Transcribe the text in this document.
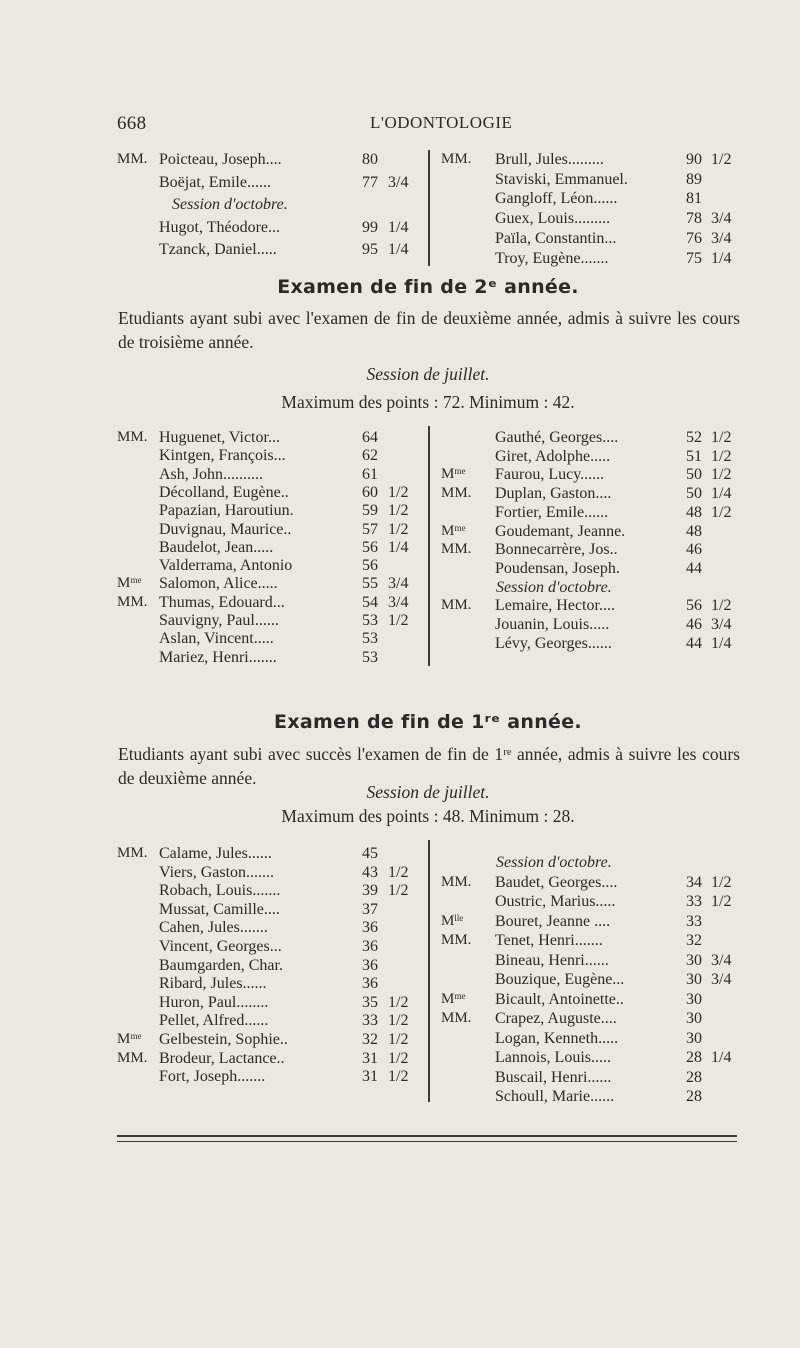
668	L'ODONTOLOGIE
MM. Poicteau, Joseph....	80
Boëjat, Emile......	77 3/4
Session d'octobre.
Hugot, Théodore...	99 1/4
Tzanck, Daniel.....	95 1/4
MM. Brull, Jules.........	90 1/2
Staviski, Emmanuel.	89
Gangloff, Léon......	81
Guex, Louis.........	78 3/4
Païla, Constantin...	76 3/4
Troy, Eugène.......	75 1/4
Examen de fin de 2ᵉ année.
Etudiants ayant subi avec l'examen de fin de deuxième année, admis à suivre les cours de troisième année.
Session de juillet.
Maximum des points : 72. Minimum : 42.
MM. Huguenet, Victor...	64
Kintgen, François...	62
Ash, John..........	61
Décolland, Eugène..	60 1/2
Papazian, Haroutiun.	59 1/2
Duvignau, Maurice..	57 1/2
Baudelot, Jean.....	56 1/4
Valderrama, Antonio	56
Mᵐᵉ Salomon, Alice.....	55 3/4
MM. Thumas, Edouard...	54 3/4
Sauvigny, Paul......	53 1/2
Aslan, Vincent.....	53
Mariez, Henri.......	53
Gauthé, Georges....	52 1/2
Giret, Adolphe.....	51 1/2
Mᵐᵉ Faurou, Lucy......	50 1/2
MM. Duplan, Gaston....	50 1/4
Fortier, Emile......	48 1/2
Mᵐᵉ Goudemant, Jeanne.	48
MM. Bonnecarrère, Jos..	46
Poudensan, Joseph.	44
Session d'octobre.
MM. Lemaire, Hector....	56 1/2
Jouanin, Louis.....	46 3/4
Lévy, Georges......	44 1/4
Examen de fin de 1ʳᵉ année.
Etudiants ayant subi avec succès l'examen de fin de 1ʳᵉ année, admis à suivre les cours de deuxième année.
Session de juillet.
Maximum des points : 48. Minimum : 28.
MM. Calame, Jules......	45
Viers, Gaston.......	43 1/2
Robach, Louis.......	39 1/2
Mussat, Camille....	37
Cahen, Jules.......	36
Vincent, Georges...	36
Baumgarden, Char.	36
Ribard, Jules......	36
Huron, Paul........	35 1/2
Pellet, Alfred......	33 1/2
Mᵐᵉ Gelbestein, Sophie..	32 1/2
MM. Brodeur, Lactance..	31 1/2
Fort, Joseph.......	31 1/2
Session d'octobre.
MM. Baudet, Georges....	34 1/2
Oustric, Marius.....	33 1/2
Mˡˡᵉ Bouret, Jeanne ....	33
MM. Tenet, Henri.......	32
Bineau, Henri......	30 3/4
Bouzique, Eugène...	30 3/4
Mᵐᵉ Bicault, Antoinette..	30
MM. Crapez, Auguste....	30
Logan, Kenneth.....	30
Lannois, Louis.....	28 1/4
Buscail, Henri......	28
Schoull, Marie......	28
